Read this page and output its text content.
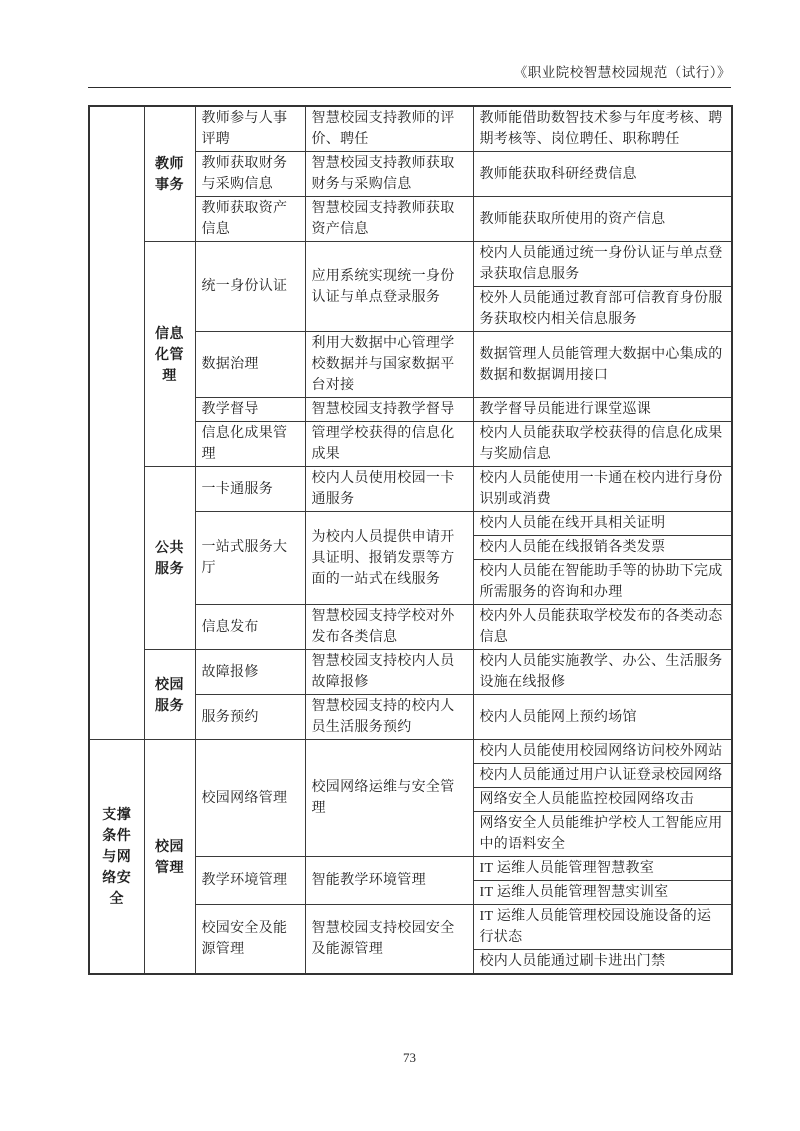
《职业院校智慧校园规范（试行）》
	教师事务	教师参与人事评聘	智慧校园支持教师的评价、聘任	教师能借助数智技术参与年度考核、聘期考核等、岗位聘任、职称聘任
		教师获取财务与采购信息	智慧校园支持教师获取财务与采购信息	教师能获取科研经费信息
		教师获取资产信息	智慧校园支持教师获取资产信息	教师能获取所使用的资产信息
	信息化管理	统一身份认证	应用系统实现统一身份认证与单点登录服务	校内人员能通过统一身份认证与单点登录获取信息服务
				校外人员能通过教育部可信教育身份服务获取校内相关信息服务
		数据治理	利用大数据中心管理学校数据并与国家数据平台对接	数据管理人员能管理大数据中心集成的数据和数据调用接口
		教学督导	智慧校园支持教学督导	教学督导员能进行课堂巡课
		信息化成果管理	管理学校获得的信息化成果	校内人员能获取学校获得的信息化成果与奖励信息
	公共服务	一卡通服务	校内人员使用校园一卡通服务	校内人员能使用一卡通在校内进行身份识别或消费
		一站式服务大厅	为校内人员提供申请开具证明、报销发票等方面的一站式在线服务	校内人员能在线开具相关证明
				校内人员能在线报销各类发票
				校内人员能在智能助手等的协助下完成所需服务的咨询和办理
		信息发布	智慧校园支持学校对外发布各类信息	校内外人员能获取学校发布的各类动态信息
	校园服务	故障报修	智慧校园支持校内人员故障报修	校内人员能实施教学、办公、生活服务设施在线报修
		服务预约	智慧校园支持的校内人员生活服务预约	校内人员能网上预约场馆
支撑条件与网络安全	校园管理	校园网络管理	校园网络运维与安全管理	校内人员能使用校园网络访问校外网站
				校内人员能通过用户认证登录校园网络
				网络安全人员能监控校园网络攻击
				网络安全人员能维护学校人工智能应用中的语料安全
		教学环境管理	智能教学环境管理	IT 运维人员能管理智慧教室
				IT 运维人员能管理智慧实训室
		校园安全及能源管理	智慧校园支持校园安全及能源管理	IT 运维人员能管理校园设施设备的运行状态
				校内人员能通过刷卡进出门禁
73
